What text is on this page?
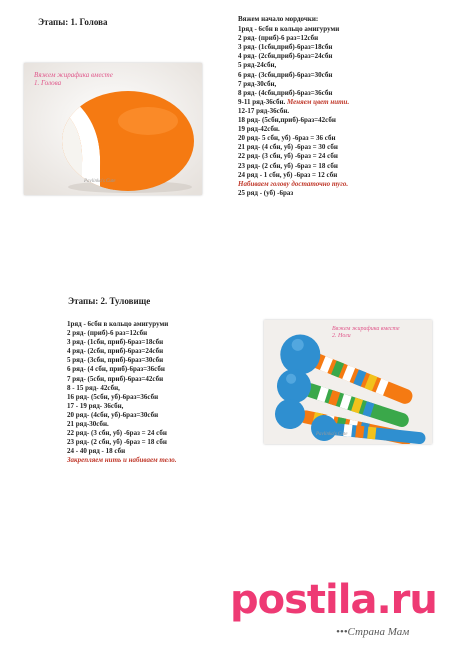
Этапы: 1. Голова
Вяжем жирафика вместе
1. Голова
Pavlinka's Cute
Вяжем начало мордочки:
1ряд - 6сбн в кольцо амигуруми
2 ряд- (приб)-6 раз=12сбн
3 ряд- (1сбн,приб)-6раз=18сбн
4 ряд- (2сбн,приб)-6раз=24сбн
5 ряд-24сбн,
6 ряд- (3сбн,приб)-6раз=30сбн
7 ряд-30сбн,
8 ряд- (4сбн,приб)-6раз=36сбн
9-11 ряд-36сбн. Меняем цвет нити.
12-17 ряд-36сбн.
18 ряд- (5сбн,приб)-6раз=42сбн
19 ряд-42сбн.
20 ряд- 5 сбн, уб) -6раз = 36 сбн
21 ряд- (4 сбн, уб) -6раз = 30 сбн
22 ряд- (3 сбн, уб) -6раз = 24 сбн
23 ряд- (2 сбн, уб) -6раз = 18 сбн
24 ряд - 1 сбн, уб) -6раз = 12 сбн
Набиваем голову достаточно туго.
25 ряд - (уб) -6раз
Этапы: 2. Туловище
1ряд - 6сбн в кольцо амигуруми
2 ряд- (приб)-6 раз=12сбн
3 ряд- (1сбн, приб)-6раз=18сбн
4 ряд- (2сбн, приб)-6раз=24сбн
5 ряд- (3сбн, приб)-6раз=30сбн
6 ряд- (4 сбн, приб)-6раз=36сбн
7 ряд- (5сбн, приб)-6раз=42сбн
8 - 15 ряд- 42сбн,
16 ряд- (5сбн, уб)-6раз=36сбн
17 - 19 ряд- 36сбн,
20 ряд- (4сбн, уб)-6раз=30сбн
21 ряд-30сбн.
22 ряд- (3 сбн, уб) -6раз = 24 сбн
23 ряд- (2 сбн, уб) -6раз = 18 сбн
24 - 40 ряд - 18 сбн
Закрепляем нить и набиваем тело.
Вяжем жирафика вместе
2. Ноги
Pavlinka's Cute
postila.ru
•••Страна Мам
